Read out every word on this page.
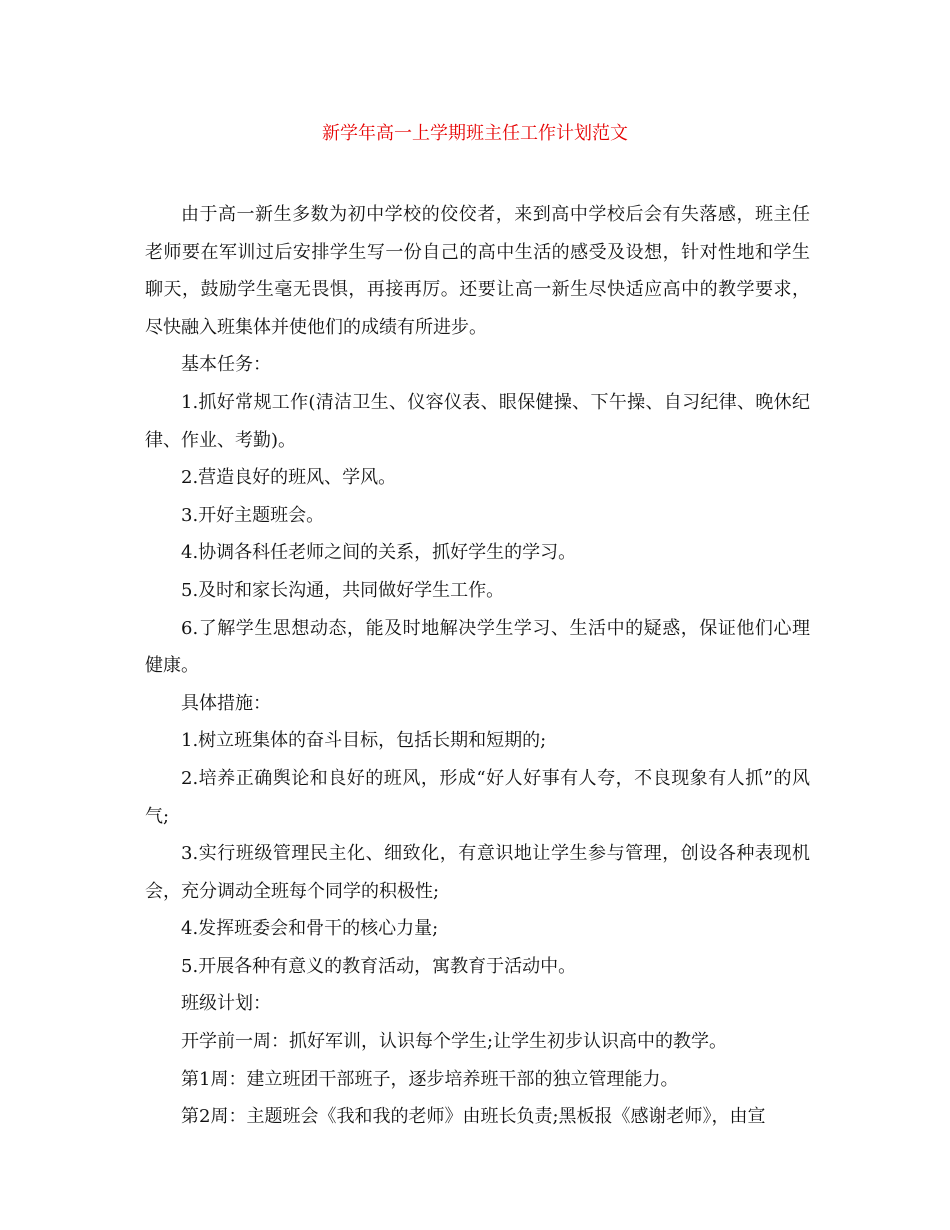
新学年高一上学期班主任工作计划范文

由于高一新生多数为初中学校的佼佼者，来到高中学校后会有失落感，班主任老师要在军训过后安排学生写一份自己的高中生活的感受及设想，针对性地和学生聊天，鼓励学生毫无畏惧，再接再厉。还要让高一新生尽快适应高中的教学要求，尽快融入班集体并使他们的成绩有所进步。

基本任务：

1.抓好常规工作(清洁卫生、仪容仪表、眼保健操、下午操、自习纪律、晚休纪律、作业、考勤)。

2.营造良好的班风、学风。

3.开好主题班会。

4.协调各科任老师之间的关系，抓好学生的学习。

5.及时和家长沟通，共同做好学生工作。

6.了解学生思想动态，能及时地解决学生学习、生活中的疑惑，保证他们心理健康。

具体措施：

1.树立班集体的奋斗目标，包括长期和短期的;

2.培养正确舆论和良好的班风，形成“好人好事有人夸，不良现象有人抓”的风气;

3.实行班级管理民主化、细致化，有意识地让学生参与管理，创设各种表现机会，充分调动全班每个同学的积极性;

4.发挥班委会和骨干的核心力量;

5.开展各种有意义的教育活动，寓教育于活动中。

班级计划：

开学前一周：抓好军训，认识每个学生;让学生初步认识高中的教学。

第1周：建立班团干部班子，逐步培养班干部的独立管理能力。

第2周：主题班会《我和我的老师》由班长负责;黑板报《感谢老师》，由宣
